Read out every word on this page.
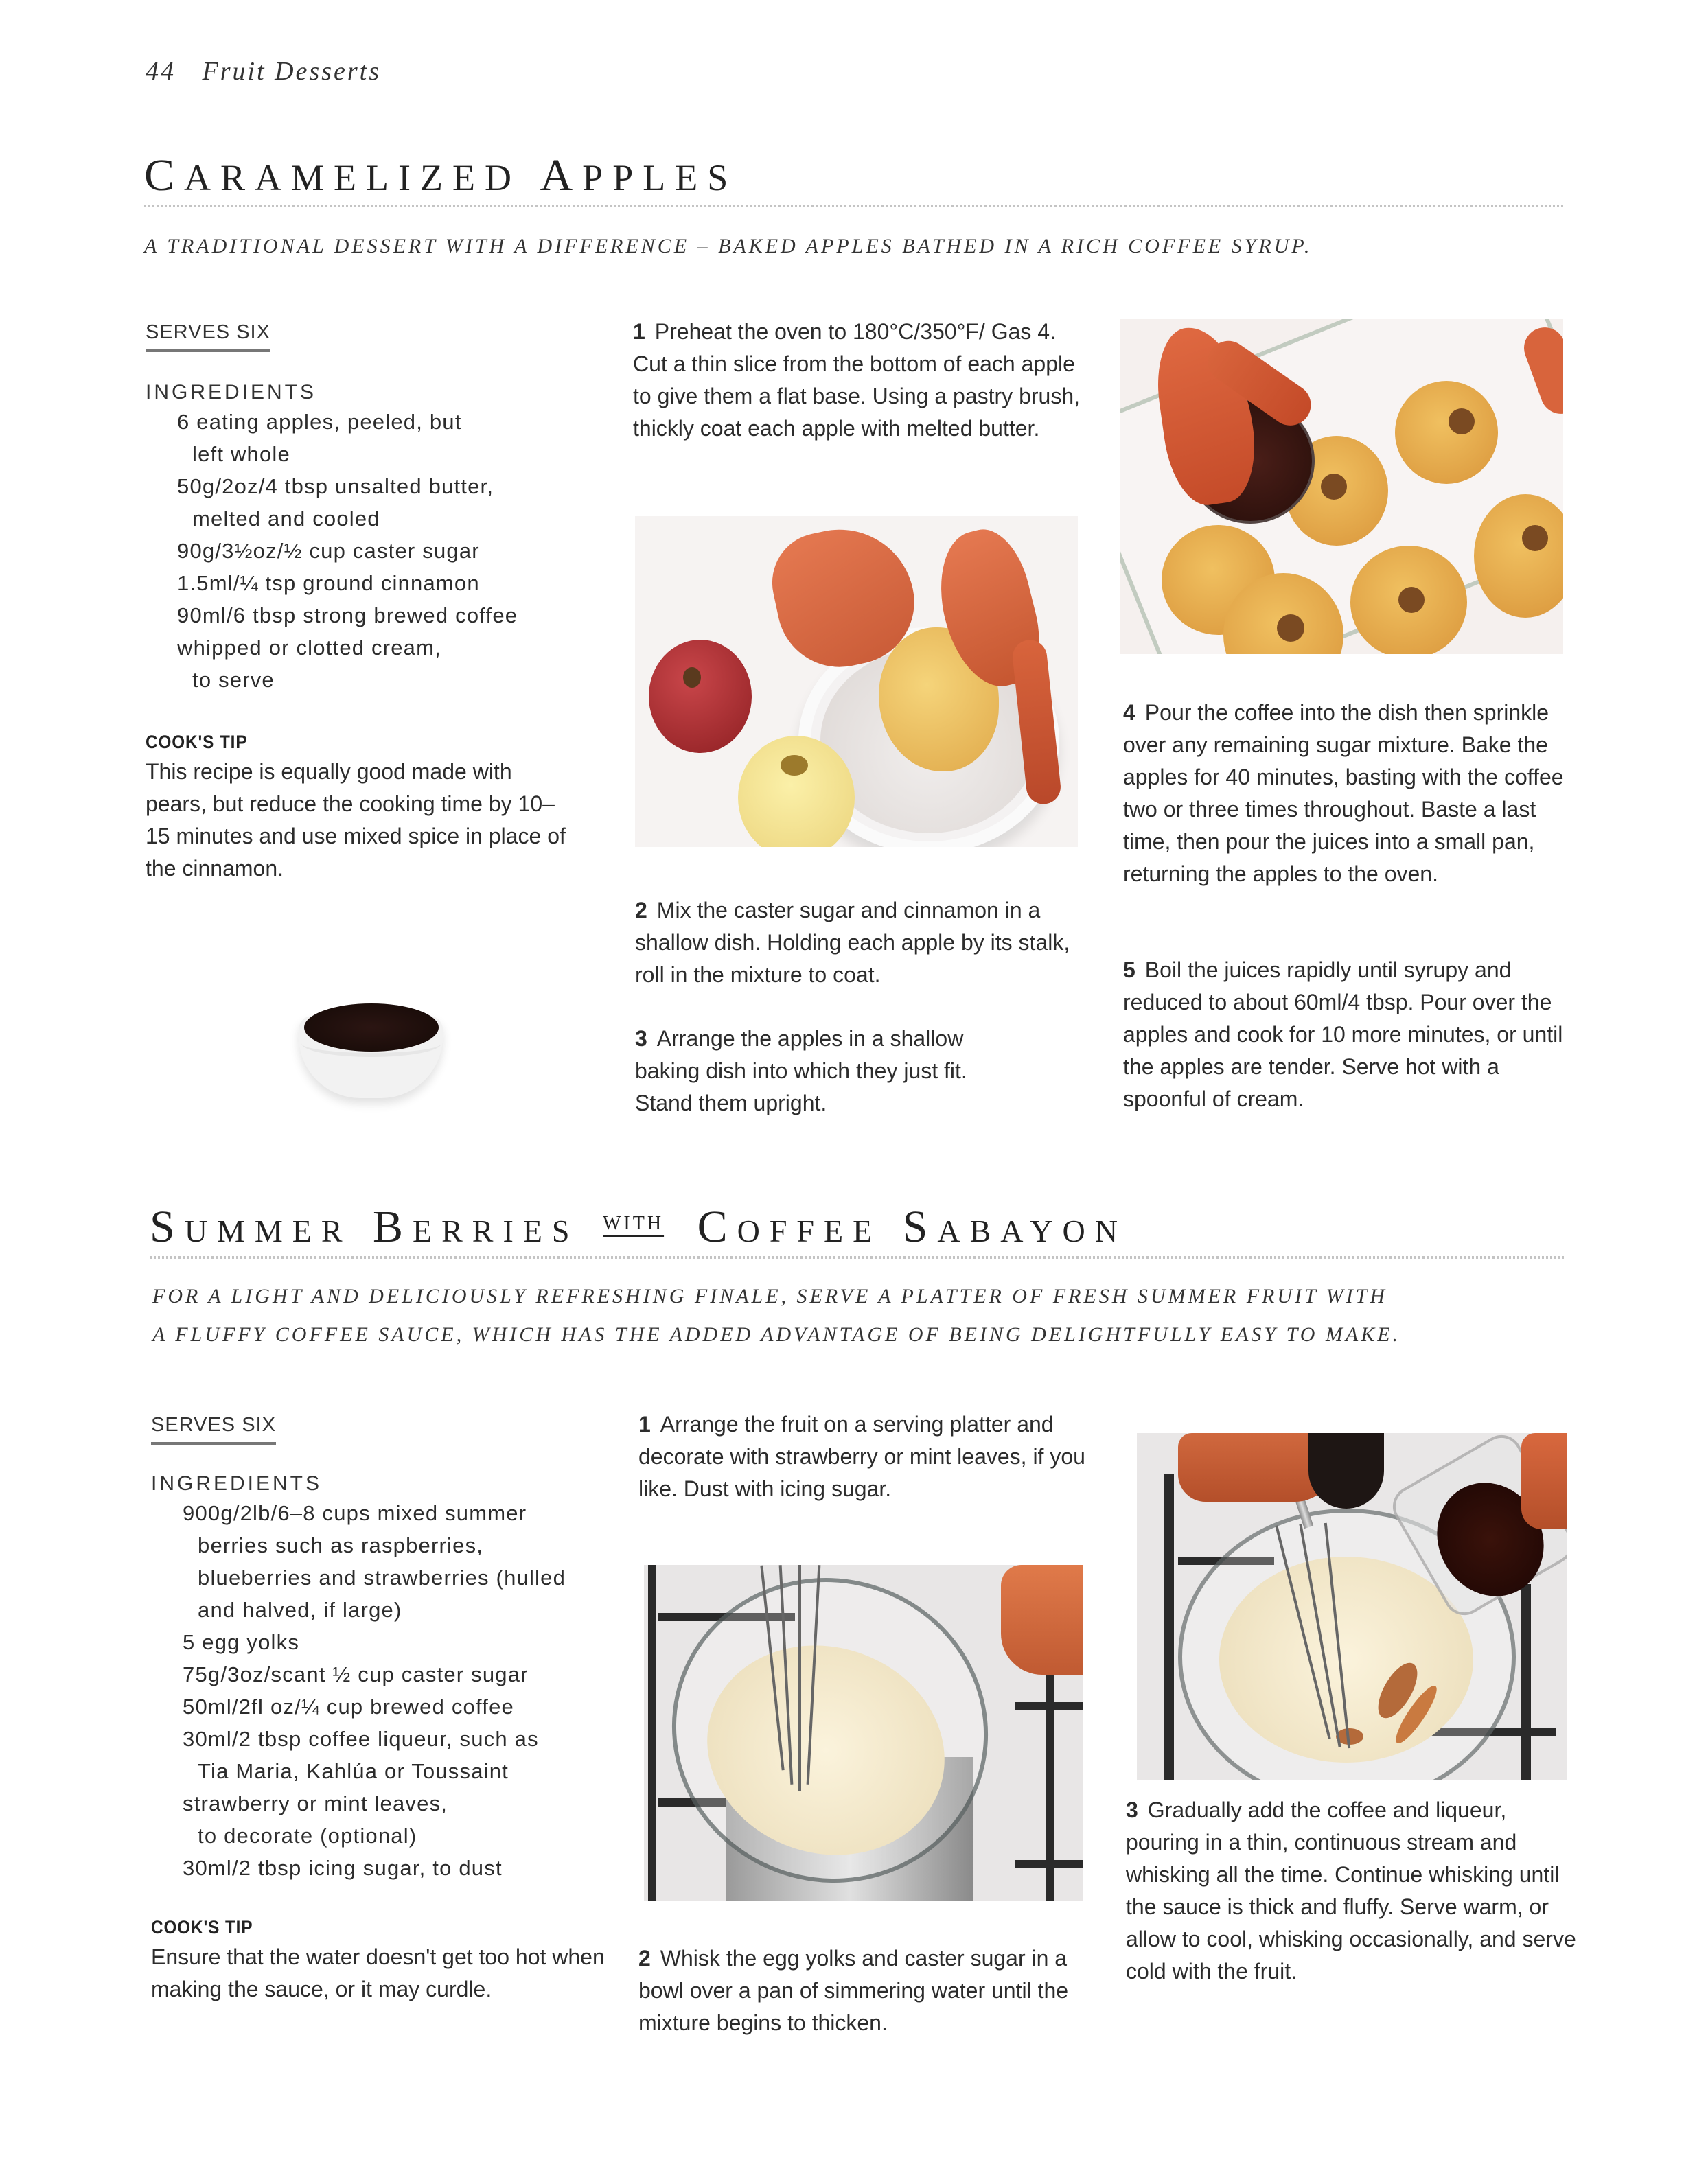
44 Fruit Desserts
CARAMELIZED APPLES
A TRADITIONAL DESSERT WITH A DIFFERENCE – BAKED APPLES BATHED IN A RICH COFFEE SYRUP.
SERVES SIX
INGREDIENTS
6 eating apples, peeled, but
left whole
50g/2oz/4 tbsp unsalted butter,
melted and cooled
90g/3½oz/½ cup caster sugar
1.5ml/¼ tsp ground cinnamon
90ml/6 tbsp strong brewed coffee
whipped or clotted cream,
to serve
COOK'S TIP
This recipe is equally good made with pears, but reduce the cooking time by 10–15 minutes and use mixed spice in place of the cinnamon.
1 Preheat the oven to 180°C/350°F/ Gas 4. Cut a thin slice from the bottom of each apple to give them a flat base. Using a pastry brush, thickly coat each apple with melted butter.
2 Mix the caster sugar and cinnamon in a shallow dish. Holding each apple by its stalk, roll in the mixture to coat.
3 Arrange the apples in a shallow baking dish into which they just fit. Stand them upright.
4 Pour the coffee into the dish then sprinkle over any remaining sugar mixture. Bake the apples for 40 minutes, basting with the coffee two or three times throughout. Baste a last time, then pour the juices into a small pan, returning the apples to the oven.
5 Boil the juices rapidly until syrupy and reduced to about 60ml/4 tbsp. Pour over the apples and cook for 10 more minutes, or until the apples are tender. Serve hot with a spoonful of cream.
Summer Berries $^{WITH}$ Coffee Sabayon
FOR A LIGHT AND DELICIOUSLY REFRESHING FINALE, SERVE A PLATTER OF FRESH SUMMER FRUIT WITH
A FLUFFY COFFEE SAUCE, WHICH HAS THE ADDED ADVANTAGE OF BEING DELIGHTFULLY EASY TO MAKE.
SERVES SIX
INGREDIENTS
900g/2lb/6–8 cups mixed summer
berries such as raspberries,
blueberries and strawberries (hulled
and halved, if large)
5 egg yolks
75g/3oz/scant ½ cup caster sugar
50ml/2fl oz/¼ cup brewed coffee
30ml/2 tbsp coffee liqueur, such as
Tia Maria, Kahlúa or Toussaint
strawberry or mint leaves,
to decorate (optional)
30ml/2 tbsp icing sugar, to dust
COOK'S TIP
Ensure that the water doesn't get too hot when making the sauce, or it may curdle.
1 Arrange the fruit on a serving platter and decorate with strawberry or mint leaves, if you like. Dust with icing sugar.
2 Whisk the egg yolks and caster sugar in a bowl over a pan of simmering water until the mixture begins to thicken.
3 Gradually add the coffee and liqueur, pouring in a thin, continuous stream and whisking all the time. Continue whisking until the sauce is thick and fluffy. Serve warm, or allow to cool, whisking occasionally, and serve cold with the fruit.
